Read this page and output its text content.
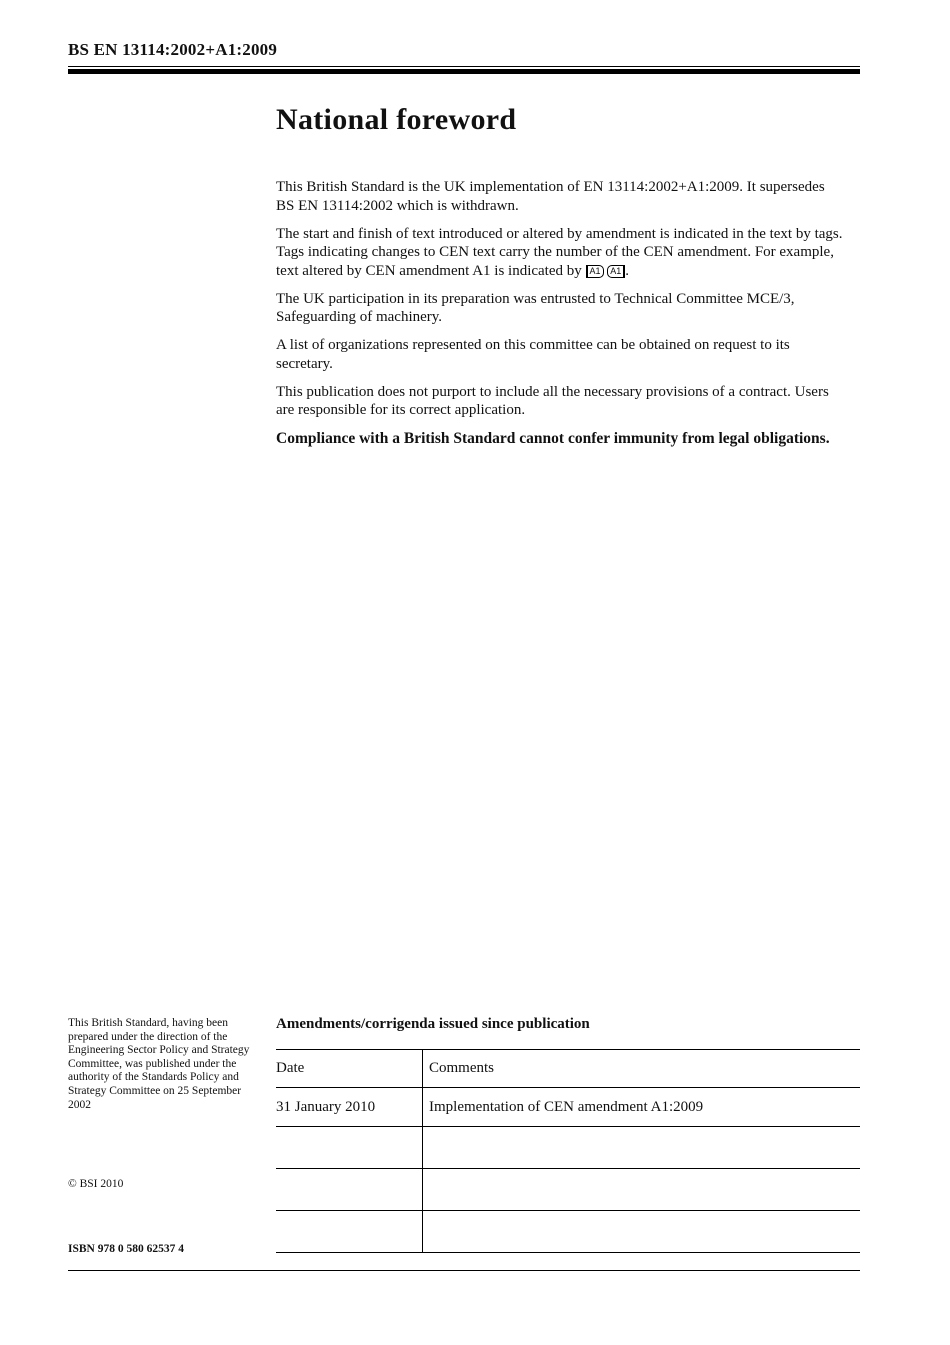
BS EN 13114:2002+A1:2009
National foreword

This British Standard is the UK implementation of EN 13114:2002+A1:2009. It supersedes BS EN 13114:2002 which is withdrawn.

The start and finish of text introduced or altered by amendment is indicated in the text by tags. Tags indicating changes to CEN text carry the number of the CEN amendment. For example, text altered by CEN amendment A1 is indicated by A1 A1 .

The UK participation in its preparation was entrusted to Technical Committee MCE/3, Safeguarding of machinery.

A list of organizations represented on this committee can be obtained on request to its secretary.

This publication does not purport to include all the necessary provisions of a contract. Users are responsible for its correct application.

Compliance with a British Standard cannot confer immunity from legal obligations.

This British Standard, having been prepared under the direction of the Engineering Sector Policy and Strategy Committee, was published under the authority of the Standards Policy and Strategy Committee on 25 September 2002
© BSI 2010
ISBN 978 0 580 62537 4
Amendments/corrigenda issued since publication
Date	Comments
31 January 2010	Implementation of CEN amendment A1:2009
